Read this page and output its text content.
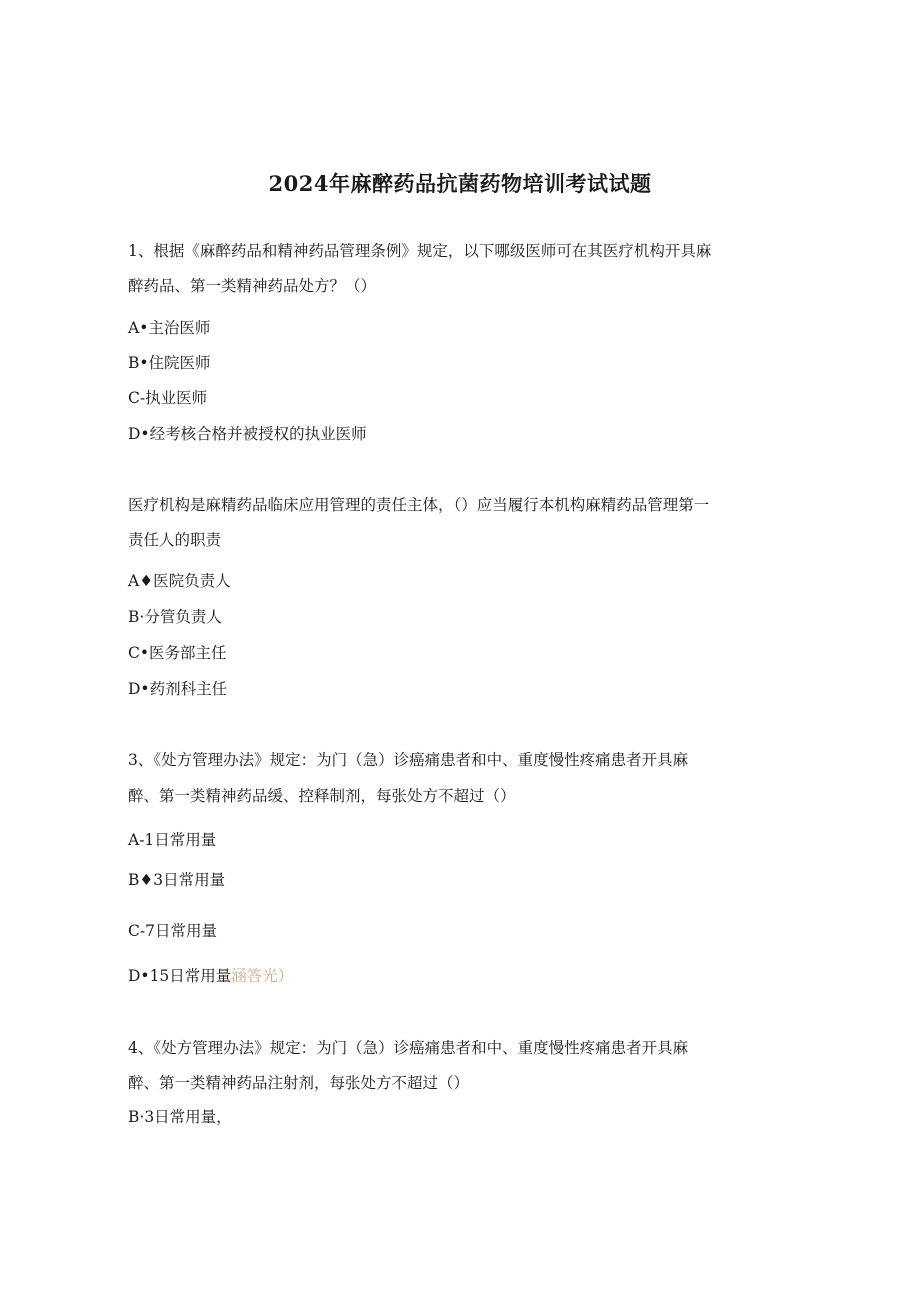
2024年麻醉药品抗菌药物培训考试试题
1、根据《麻醉药品和精神药品管理条例》规定，以下哪级医师可在其医疗机构开具麻
醉药品、第一类精神药品处方？（）
A•主治医师
B•住院医师
C-执业医师
D•经考核合格并被授权的执业医师
医疗机构是麻精药品临床应用管理的责任主体，（）应当履行本机构麻精药品管理第一
责任人的职责
A♦医院负责人
B·分管负责人
C•医务部主任
D•药剂科主任
3、《处方管理办法》规定：为门（急）诊癌痛患者和中、重度慢性疼痛患者开具麻
醉、第一类精神药品缓、控释制剂，每张处方不超过（）
A-1日常用量
B♦3日常用量
C-7日常用量
D•15日常用量涵答光）
4、《处方管理办法》规定：为门（急）诊癌痛患者和中、重度慢性疼痛患者开具麻
醉、第一类精神药品注射剂，每张处方不超过（）
B·3日常用量，
